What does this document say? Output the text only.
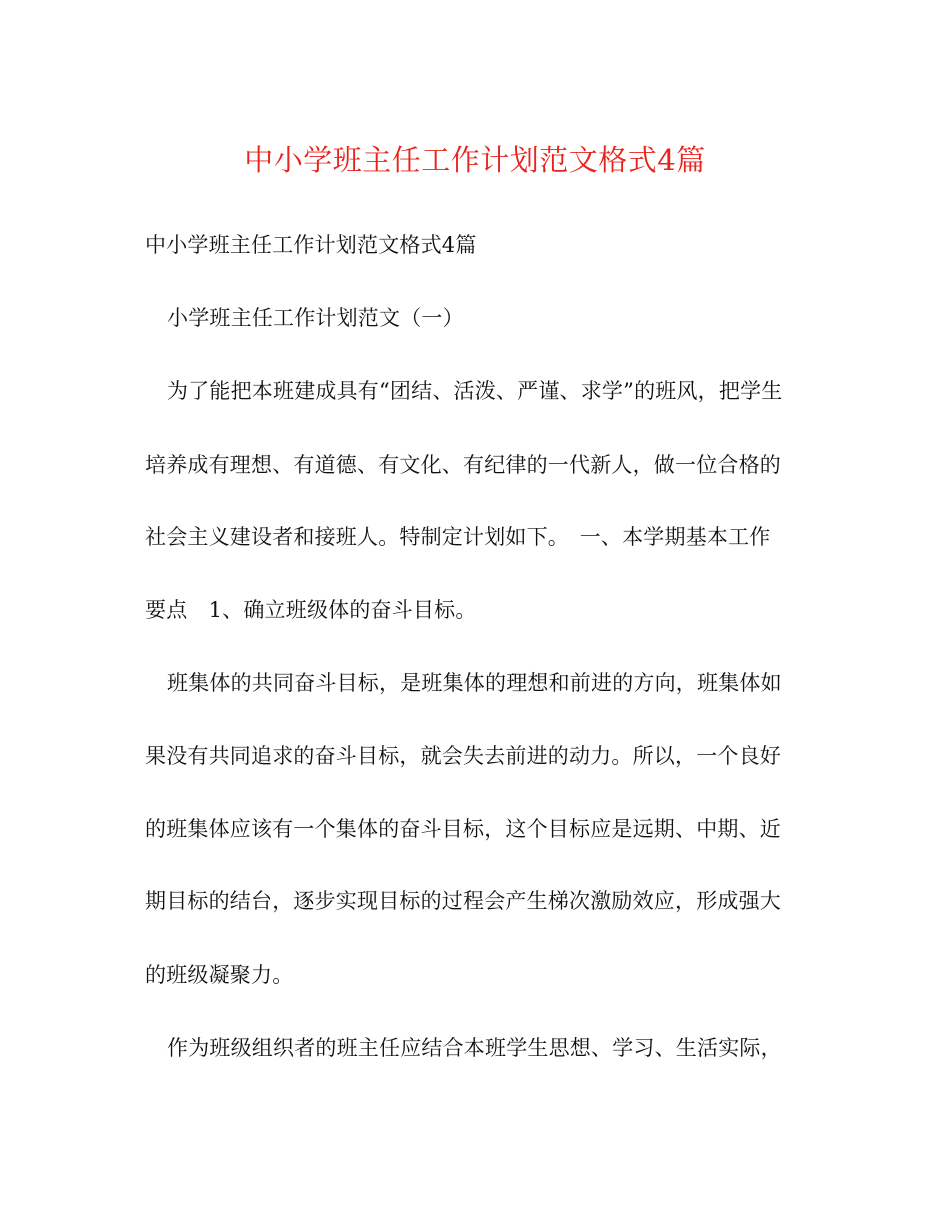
中小学班主任工作计划范文格式4篇
中小学班主任工作计划范文格式4篇
小学班主任工作计划范文（一）
为了能把本班建成具有“团结、活泼、严谨、求学”的班风，把学生
培养成有理想、有道德、有文化、有纪律的一代新人，做一位合格的
社会主义建设者和接班人。特制定计划如下。　一、本学期基本工作
要点　1、确立班级体的奋斗目标。
班集体的共同奋斗目标，是班集体的理想和前进的方向，班集体如
果没有共同追求的奋斗目标，就会失去前进的动力。所以，一个良好
的班集体应该有一个集体的奋斗目标，这个目标应是远期、中期、近
期目标的结台，逐步实现目标的过程会产生梯次激励效应，形成强大
的班级凝聚力。
作为班级组织者的班主任应结合本班学生思想、学习、生活实际，
